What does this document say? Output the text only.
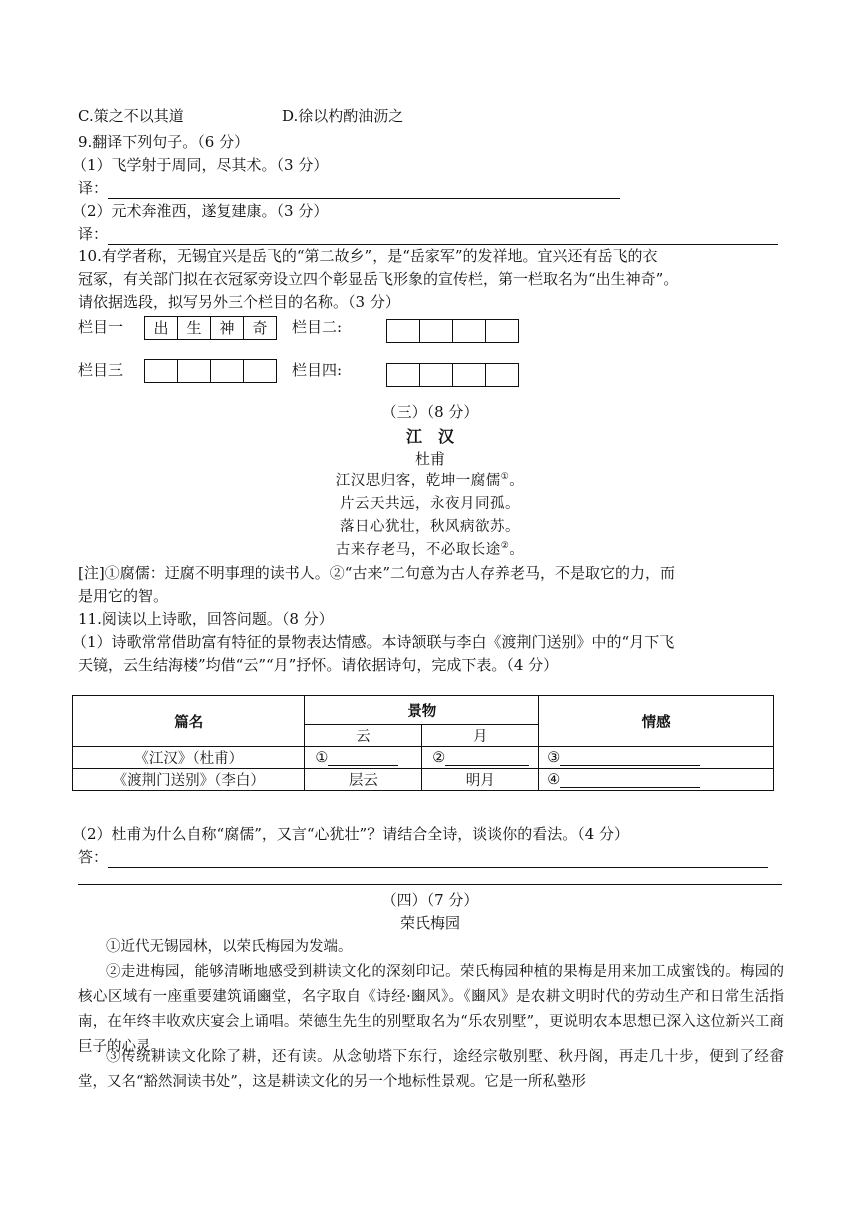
C.策之不以其道	D.徐以杓酌油沥之
9.翻译下列句子。（6 分）
（1）飞学射于周同，尽其术。（3 分）
译：
（2）元术奔淮西，遂复建康。（3 分）
译：
10.有学者称，无锡宜兴是岳飞的“第二故乡”，是“岳家军”的发祥地。宜兴还有岳飞的衣
冠冢，有关部门拟在衣冠冢旁设立四个彰显岳飞形象的宣传栏，第一栏取名为“出生神奇”。
请依据选段，拟写另外三个栏目的名称。（3 分）
栏目一	出	生	神	奇	栏目二:
栏目三	栏目四:
（三）（8 分）
江　汉
杜甫
江汉思归客，乾坤一腐儒①。
片云天共远，永夜月同孤。
落日心犹壮，秋风病欲苏。
古来存老马，不必取长途②。
[注]①腐儒：迂腐不明事理的读书人。②“古来”二句意为古人存养老马，不是取它的力，而
是用它的智。
11.阅读以上诗歌，回答问题。（8 分）
（1）诗歌常常借助富有特征的景物表达情感。本诗颔联与李白《渡荆门送别》中的“月下飞
天镜，云生结海楼”均借“云”“月”抒怀。请依据诗句，完成下表。（4 分）
篇名	景物		情感
	云	月	
《江汉》（杜甫）	①	②	③
《渡荆门送别》（李白）	层云	明月	④
（2）杜甫为什么自称“腐儒”，又言“心犹壮”？请结合全诗，谈谈你的看法。（4 分）
答：
（四）（7 分）
荣氏梅园
①近代无锡园林，以荣氏梅园为发端。
②走进梅园，能够清晰地感受到耕读文化的深刻印记。荣氏梅园种植的果梅是用来加工成蜜饯的。梅园的核心区域有一座重要建筑诵豳堂，名字取自《诗经·豳风》。《豳风》是农耕文明时代的劳动生产和日常生活指南，在年终丰收欢庆宴会上诵唱。荣德生先生的别墅取名为“乐农别墅”，更说明农本思想已深入这位新兴工商巨子的心灵。
③传统耕读文化除了耕，还有读。从念劬塔下东行，途经宗敬别墅、秋丹阁，再走几十步，便到了经畲堂，又名“豁然洞读书处”，这是耕读文化的另一个地标性景观。它是一所私塾形
